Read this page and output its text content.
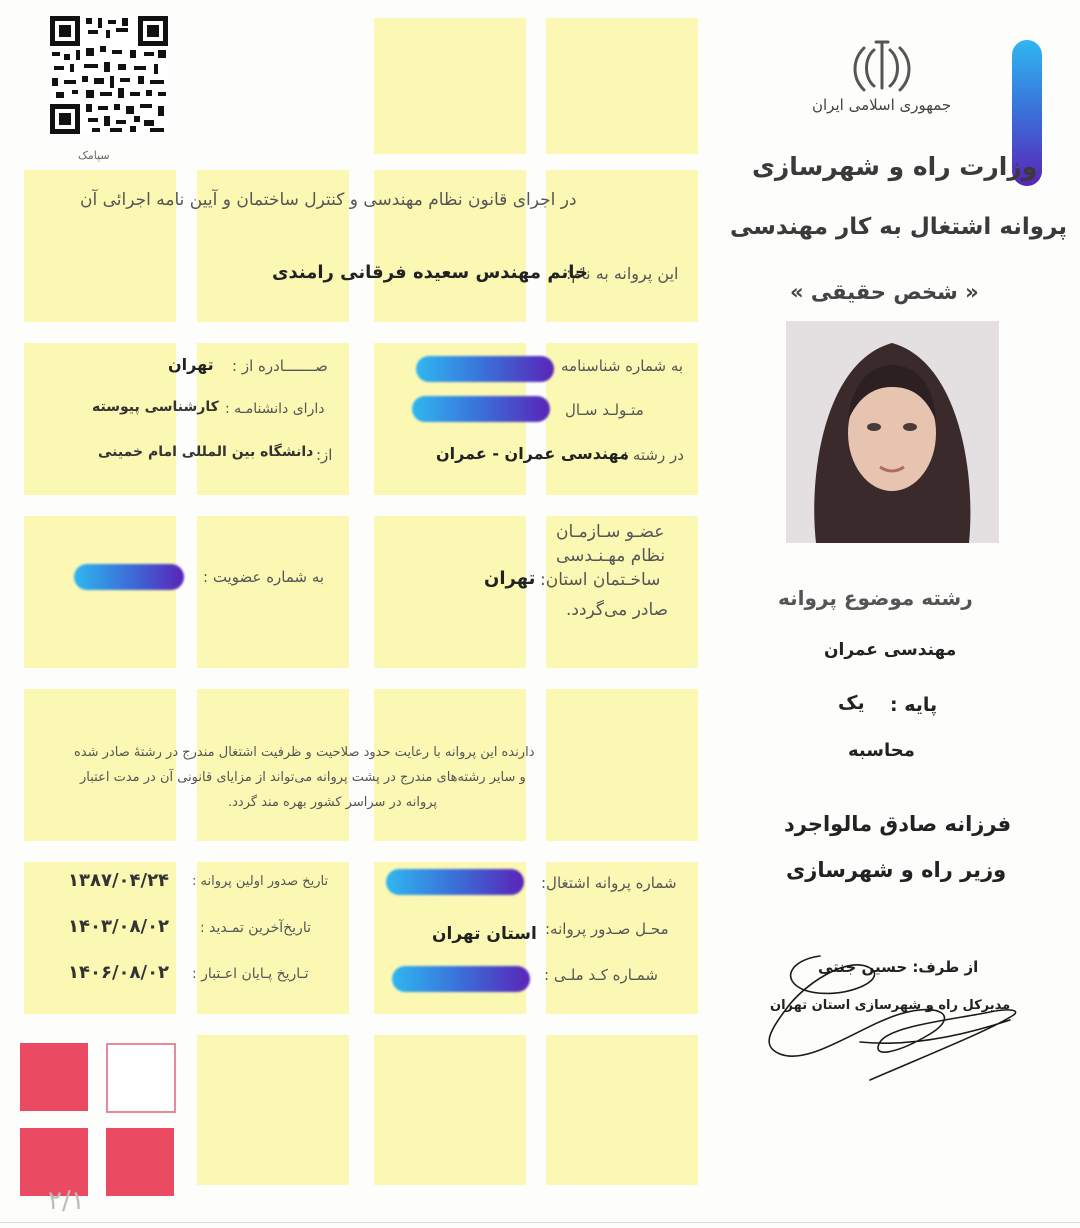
۲/۱
سپامک
جمهوری اسلامی ایران
وزارت راه و شهرسازی
پروانه اشتغال به کار مهندسی
« شخص حقیقی »
در اجرای قانون نظام مهندسی و کنترل ساختمان و آیین نامه اجرائی آن
این پروانه به نام:
خانم مهندس سعیده فرقانی رامندی
به شماره شناسنامه
صـــــــادره از :
تهران
متـولـد سـال
دارای دانشنامـه :
کارشناسی پیوسته
در رشته :
مهندسی عمران - عمران
از:
دانشگاه بین المللی امام خمینی
عضـو سـازمـان
نظام مهـنـدسی
ساخـتمان استان:
تهران
صادر می‌گردد.
به شماره عضویت :
دارنده این پروانه با رعایت حدود صلاحیت و ظرفیت اشتغال مندرج در رشتهٔ صادر شده
و سایر رشته‌های مندرج در پشت پروانه می‌تواند از مزایای قانونی آن در مدت اعتبار
پروانه در سراسر کشور بهره مند گردد.
شماره پروانه اشتغال:
محـل صـدور پروانه:
استان تهران
شمـاره کـد ملـی :
تاریخ صدور اولین پروانه :
۱۳۸۷/۰۴/۲۴
تاریخ‌آخرین تمـدید :
۱۴۰۳/۰۸/۰۲
تـاریخ پـایان اعـتبار :
۱۴۰۶/۰۸/۰۲
رشته موضوع پروانه
مهندسی عمران
پایه :
یک
محاسبه
فرزانه صادق مالواجرد
وزیر راه و شهرسازی
از طرف: حسین جنتی
مدیرکل راه و شهرسازی استان تهران
